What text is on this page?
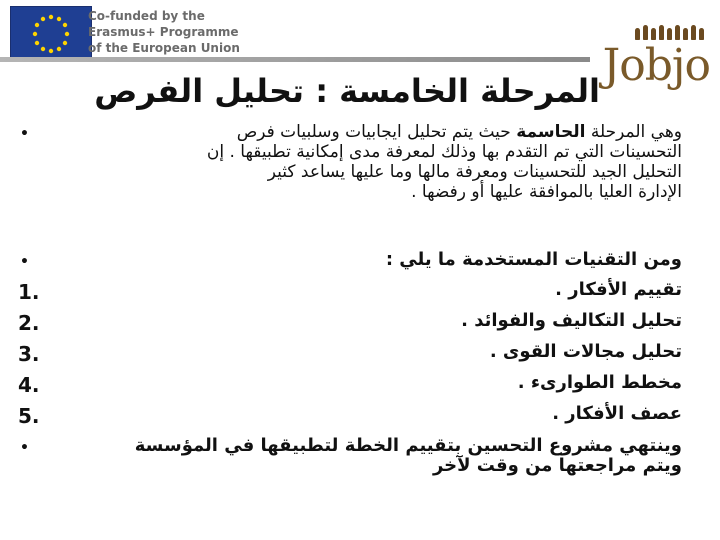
Co-funded by the
Erasmus+ Programme
of the European Union	Jobjo
المرحلة الخامسة : تحليل الفرص
•	وهي المرحلة الحاسمة حيث يتم تحليل ايجابيات وسلبيات فرص
التحسينات التي تم التقدم بها وذلك لمعرفة مدى إمكانية تطبيقها . إن
التحليل الجيد للتحسينات ومعرفة مالها وما عليها يساعد كثير
الإدارة العليا بالموافقة عليها أو رفضها .
•	ومن التقنيات المستخدمة ما يلي :
1.	تقييم الأفكار .
2.	تحليل التكاليف والفوائد .
3.	تحليل مجالات القوى .
4.	مخطط الطوارىء .
5.	عصف الأفكار .
•	وينتهي مشروع التحسين بتقييم الخطة لتطبيقها في المؤسسة
ويتم مراجعتها من وقت لآخر
